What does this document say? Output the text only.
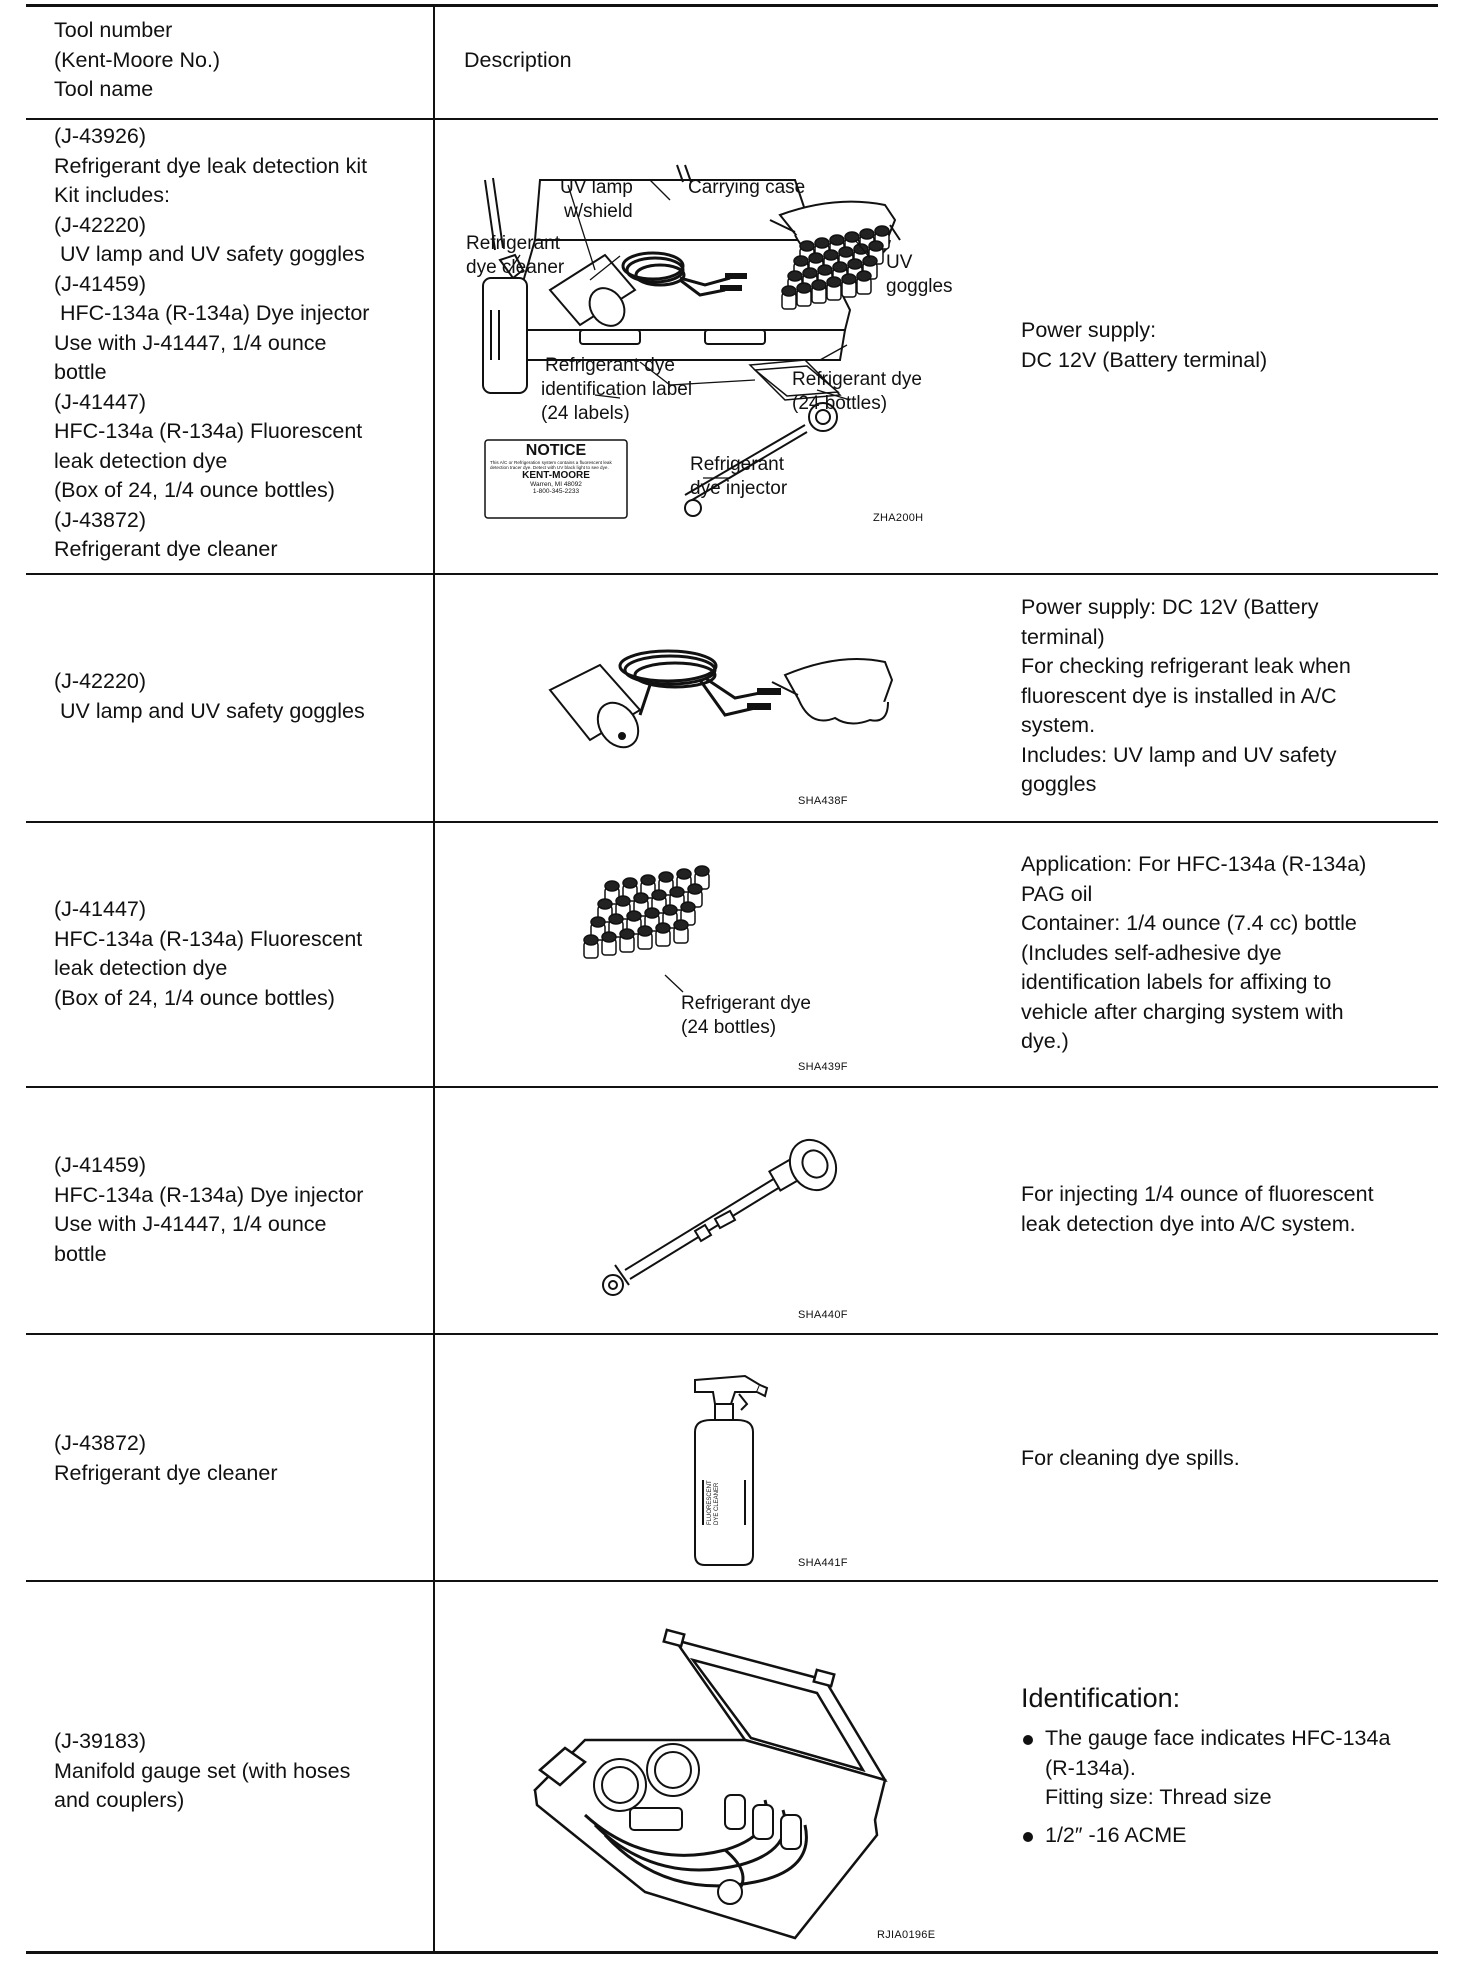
Tool number
(Kent-Moore No.)
Tool name
Description
(J-43926)
Refrigerant dye leak detection kit
Kit includes:
(J-42220)
UV lamp and UV safety goggles
(J-41459)
HFC-134a (R-134a) Dye injector
Use with J-41447, 1/4 ounce
bottle
(J-41447)
HFC-134a (R-134a) Fluorescent
leak detection dye
(Box of 24, 1/4 ounce bottles)
(J-43872)
Refrigerant dye cleaner
UV lamp
w/shield
Carrying case
Refrigerant
dye cleaner	UV
goggles
Refrigerant dye
identification label
(24 labels)
Refrigerant dye
(24 bottles)
Refrigerant
dye injector
NOTICE
This A/C or Refrigeration system contains a fluorescent leak detection tracer dye. Detect with UV black light to see dye.
KENT-MOORE
Warren, MI 48092
1-800-345-2233
ZHA200H
Power supply:
DC 12V (Battery terminal)
(J-42220)
UV lamp and UV safety goggles
SHA438F
Power supply: DC 12V (Battery
terminal)
For checking refrigerant leak when
fluorescent dye is installed in A/C
system.
Includes: UV lamp and UV safety
goggles
(J-41447)
HFC-134a (R-134a) Fluorescent
leak detection dye
(Box of 24, 1/4 ounce bottles)	Refrigerant dye
(24 bottles)
SHA439F
Application: For HFC-134a (R-134a)
PAG oil
Container: 1/4 ounce (7.4 cc) bottle
(Includes self-adhesive dye
identification labels for affixing to
vehicle after charging system with
dye.)
(J-41459)
HFC-134a (R-134a) Dye injector
Use with J-41447, 1/4 ounce
bottle
SHA440F
For injecting 1/4 ounce of fluorescent
leak detection dye into A/C system.
(J-43872)
Refrigerant dye cleaner
FLUORESCENT DYE CLEANER
SHA441F
For cleaning dye spills.
(J-39183)
Manifold gauge set (with hoses
and couplers)
RJIA0196E
Identification:
The gauge face indicates HFC-134a
(R-134a).
Fitting size: Thread size
1/2″ -16 ACME
